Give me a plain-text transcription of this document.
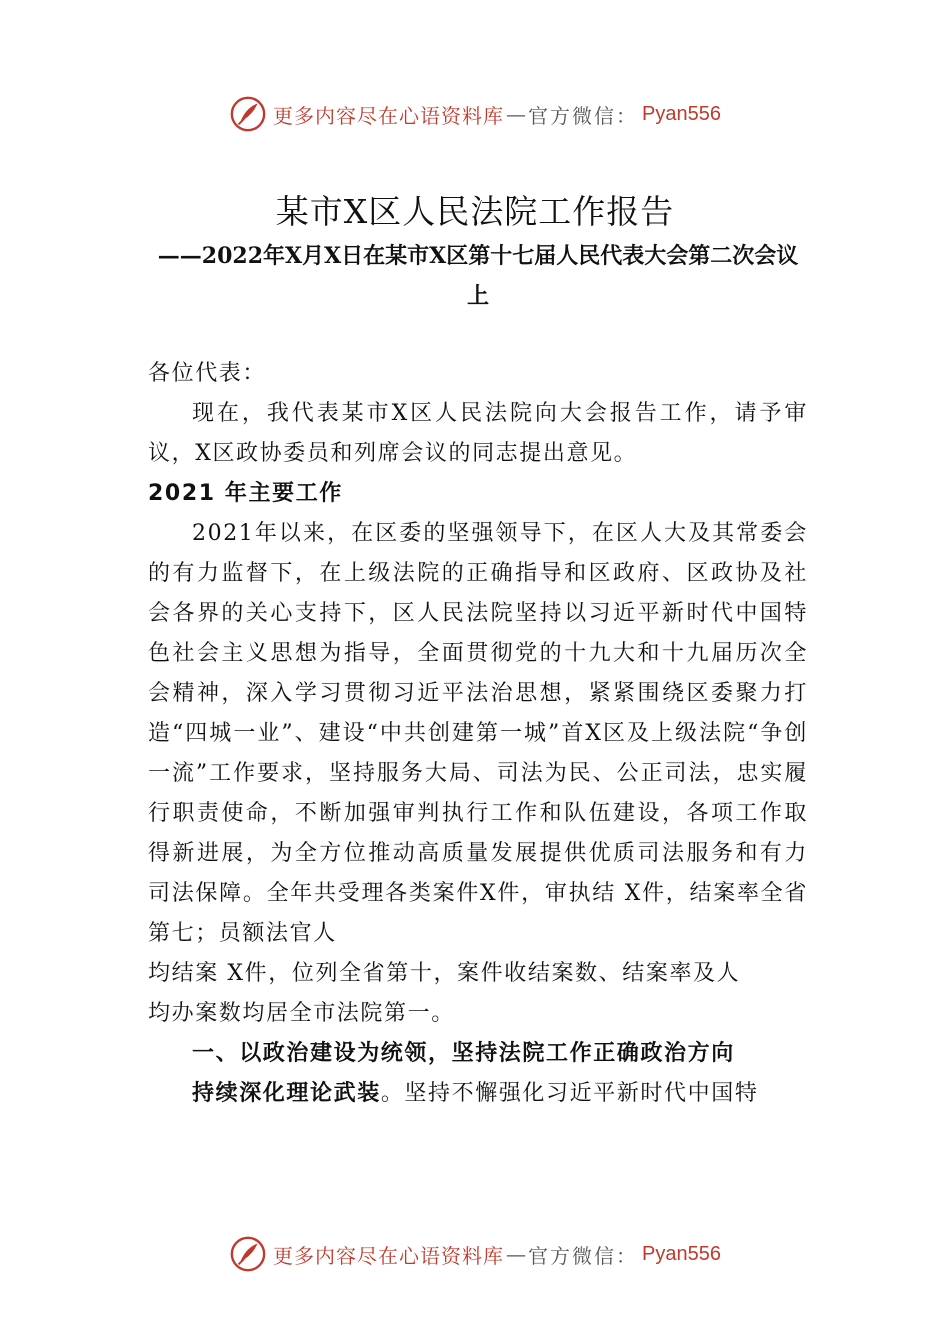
更多内容尽在心语资料库 — 官方微信： Pyan556
某市X区人民法院工作报告
——2022年X月X日在某市X区第十七届人民代表大会第二次会议上

各位代表：

现在，我代表某市X区人民法院向大会报告工作，请予审议，X区政协委员和列席会议的同志提出意见。

2021 年主要工作

2021年以来，在区委的坚强领导下，在区人大及其常委会的有力监督下，在上级法院的正确指导和区政府、区政协及社会各界的关心支持下，区人民法院坚持以习近平新时代中国特色社会主义思想为指导，全面贯彻党的十九大和十九届历次全会精神，深入学习贯彻习近平法治思想，紧紧围绕区委聚力打造“四城一业”、建设“中共创建第一城”首X区及上级法院“争创一流”工作要求，坚持服务大局、司法为民、公正司法，忠实履行职责使命，不断加强审判执行工作和队伍建设，各项工作取得新进展，为全方位推动高质量发展提供优质司法服务和有力司法保障。全年共受理各类案件X件，审执结 X件，结案率全省第七；员额法官人

均结案 X件，位列全省第十，案件收结案数、结案率及人

均办案数均居全市法院第一。

一、以政治建设为统领，坚持法院工作正确政治方向

持续深化理论武装。坚持不懈强化习近平新时代中国特

更多内容尽在心语资料库 — 官方微信： Pyan556
